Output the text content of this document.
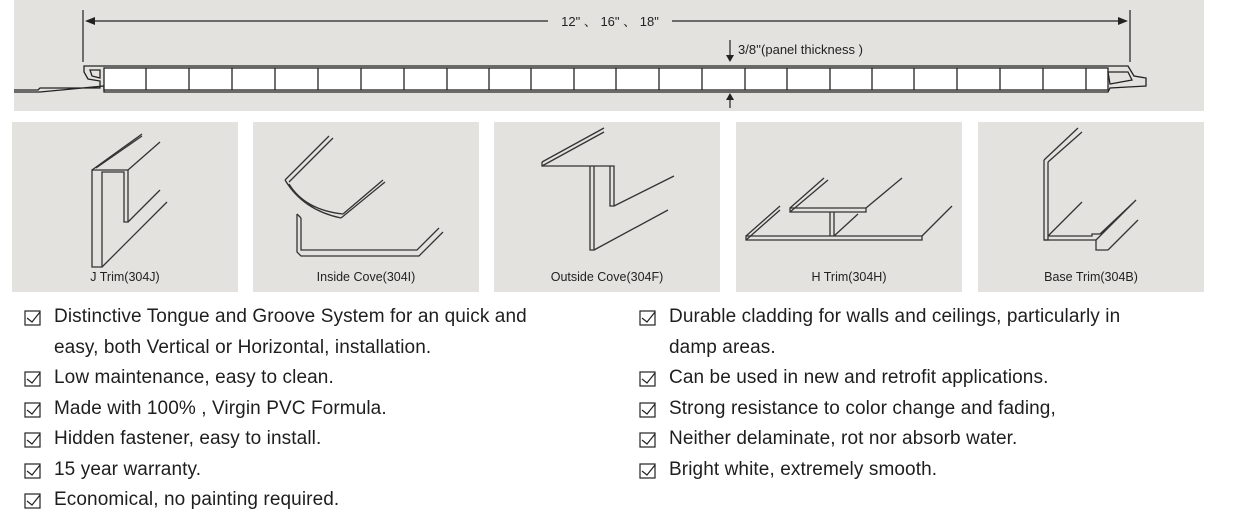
12" 、 16" 、 18"
3/8''(panel thickness )
J Trim(304J)	Inside Cove(304I)	Outside Cove(304F)	H Trim(304H)	Base Trim(304B)
Distinctive Tongue and Groove System for an quick and
easy, both Vertical or Horizontal, installation.
Low maintenance, easy to clean.
Made with 100% , Virgin PVC Formula.
Hidden fastener, easy to install.
15 year warranty.
Economical, no painting required.
Durable cladding for walls and ceilings, particularly in
damp areas.
Can be used in new and retrofit applications.
Strong resistance to color change and fading,
Neither delaminate, rot nor absorb water.
Bright white, extremely smooth.
